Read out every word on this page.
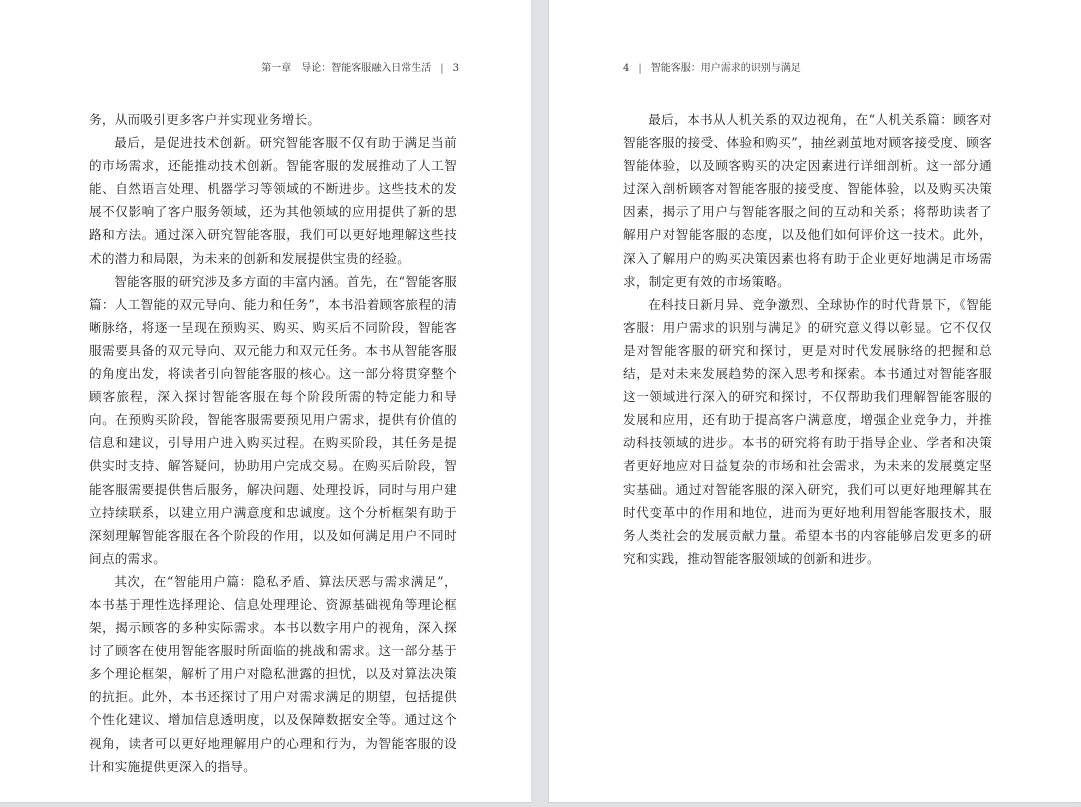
第一章　导论：智能客服融入日常生活 | 3

务，从而吸引更多客户并实现业务增长。

最后，是促进技术创新。研究智能客服不仅有助于满足当前的市场需求，还能推动技术创新。智能客服的发展推动了人工智能、自然语言处理、机器学习等领域的不断进步。这些技术的发展不仅影响了客户服务领域，还为其他领域的应用提供了新的思路和方法。通过深入研究智能客服，我们可以更好地理解这些技术的潜力和局限，为未来的创新和发展提供宝贵的经验。

智能客服的研究涉及多方面的丰富内涵。首先，在“智能客服篇：人工智能的双元导向、能力和任务”，本书沿着顾客旅程的清晰脉络，将逐一呈现在预购买、购买、购买后不同阶段，智能客服需要具备的双元导向、双元能力和双元任务。本书从智能客服的角度出发，将读者引向智能客服的核心。这一部分将贯穿整个顾客旅程，深入探讨智能客服在每个阶段所需的特定能力和导向。在预购买阶段，智能客服需要预见用户需求，提供有价值的信息和建议，引导用户进入购买过程。在购买阶段，其任务是提供实时支持、解答疑问，协助用户完成交易。在购买后阶段，智能客服需要提供售后服务，解决问题、处理投诉，同时与用户建立持续联系，以建立用户满意度和忠诚度。这个分析框架有助于深刻理解智能客服在各个阶段的作用，以及如何满足用户不同时间点的需求。

其次，在“智能用户篇：隐私矛盾、算法厌恶与需求满足”，本书基于理性选择理论、信息处理理论、资源基础视角等理论框架，揭示顾客的多种实际需求。本书以数字用户的视角，深入探讨了顾客在使用智能客服时所面临的挑战和需求。这一部分基于多个理论框架，解析了用户对隐私泄露的担忧，以及对算法决策的抗拒。此外，本书还探讨了用户对需求满足的期望，包括提供个性化建议、增加信息透明度，以及保障数据安全等。通过这个视角，读者可以更好地理解用户的心理和行为，为智能客服的设计和实施提供更深入的指导。

4 | 智能客服：用户需求的识别与满足

最后，本书从人机关系的双边视角，在“人机关系篇：顾客对智能客服的接受、体验和购买”，抽丝剥茧地对顾客接受度、顾客智能体验，以及顾客购买的决定因素进行详细剖析。这一部分通过深入剖析顾客对智能客服的接受度、智能体验，以及购买决策因素，揭示了用户与智能客服之间的互动和关系；将帮助读者了解用户对智能客服的态度，以及他们如何评价这一技术。此外，深入了解用户的购买决策因素也将有助于企业更好地满足市场需求，制定更有效的市场策略。

在科技日新月异、竞争激烈、全球协作的时代背景下，《智能客服：用户需求的识别与满足》的研究意义得以彰显。它不仅仅是对智能客服的研究和探讨，更是对时代发展脉络的把握和总结，是对未来发展趋势的深入思考和探索。本书通过对智能客服这一领域进行深入的研究和探讨，不仅帮助我们理解智能客服的发展和应用，还有助于提高客户满意度，增强企业竞争力，并推动科技领域的进步。本书的研究将有助于指导企业、学者和决策者更好地应对日益复杂的市场和社会需求，为未来的发展奠定坚实基础。通过对智能客服的深入研究，我们可以更好地理解其在时代变革中的作用和地位，进而为更好地利用智能客服技术，服务人类社会的发展贡献力量。希望本书的内容能够启发更多的研究和实践，推动智能客服领域的创新和进步。
